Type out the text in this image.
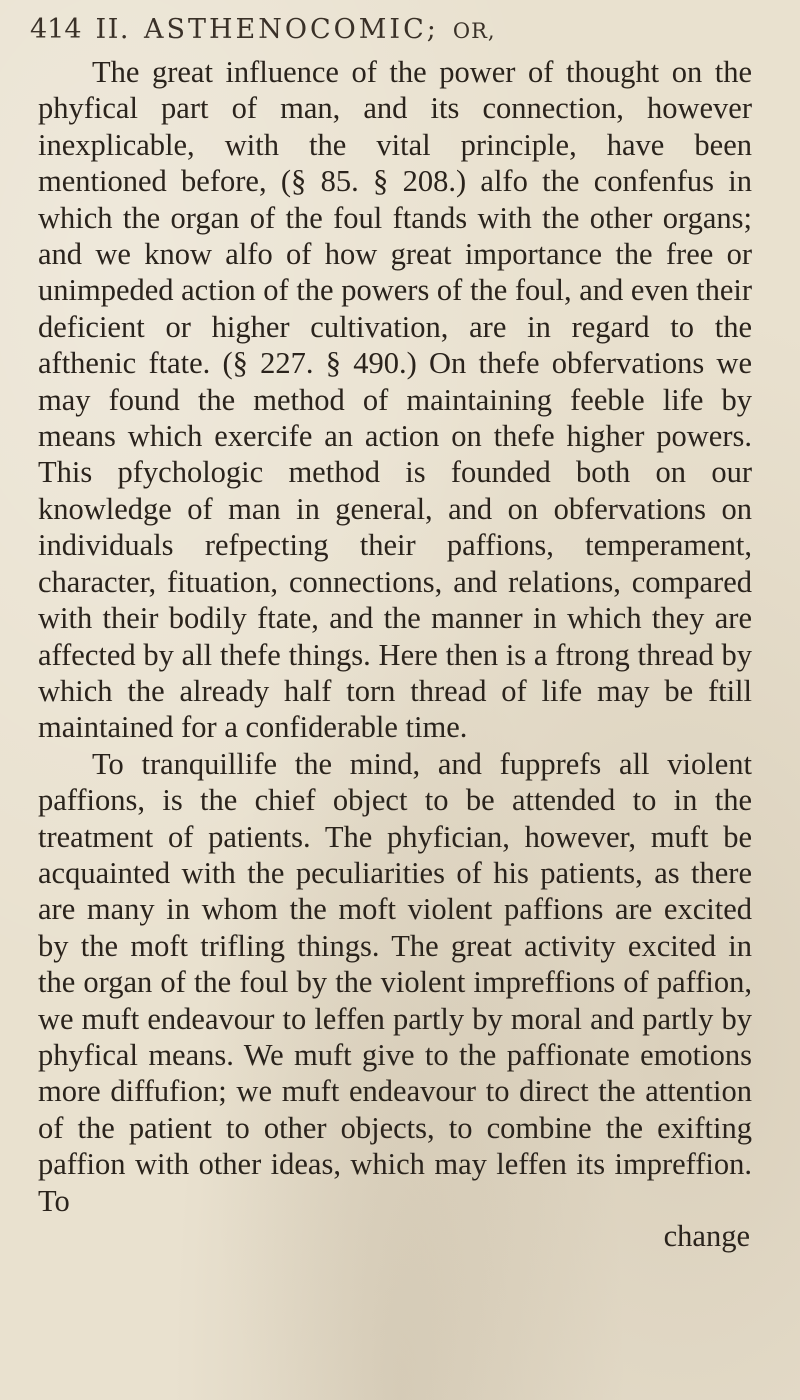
414 II. ASTHENOCOMIC; OR,

The great influence of the power of thought on the phyfical part of man, and its connection, however inexplicable, with the vital principle, have been mentioned before, (§ 85. § 208.) alfo the confenfus in which the organ of the foul ftands with the other organs; and we know alfo of how great importance the free or unimpeded action of the powers of the foul, and even their deficient or higher cultivation, are in regard to the afthenic ftate. (§ 227. § 490.) On thefe obfervations we may found the method of maintaining feeble life by means which exercife an action on thefe higher powers. This pfychologic method is founded both on our knowledge of man in general, and on obfervations on individuals refpecting their paffions, temperament, character, fituation, connections, and relations, compared with their bodily ftate, and the manner in which they are affected by all thefe things. Here then is a ftrong thread by which the already half torn thread of life may be ftill maintained for a confiderable time.

To tranquillife the mind, and fupprefs all violent paffions, is the chief object to be attended to in the treatment of patients. The phyfician, however, muft be acquainted with the peculiarities of his patients, as there are many in whom the moft violent paffions are excited by the moft trifling things. The great activity excited in the organ of the foul by the violent impreffions of paffion, we muft endeavour to leffen partly by moral and partly by phyfical means. We muft give to the paffionate emotions more diffufion; we muft endeavour to direct the attention of the patient to other objects, to combine the exifting paffion with other ideas, which may leffen its impreffion. To

change
